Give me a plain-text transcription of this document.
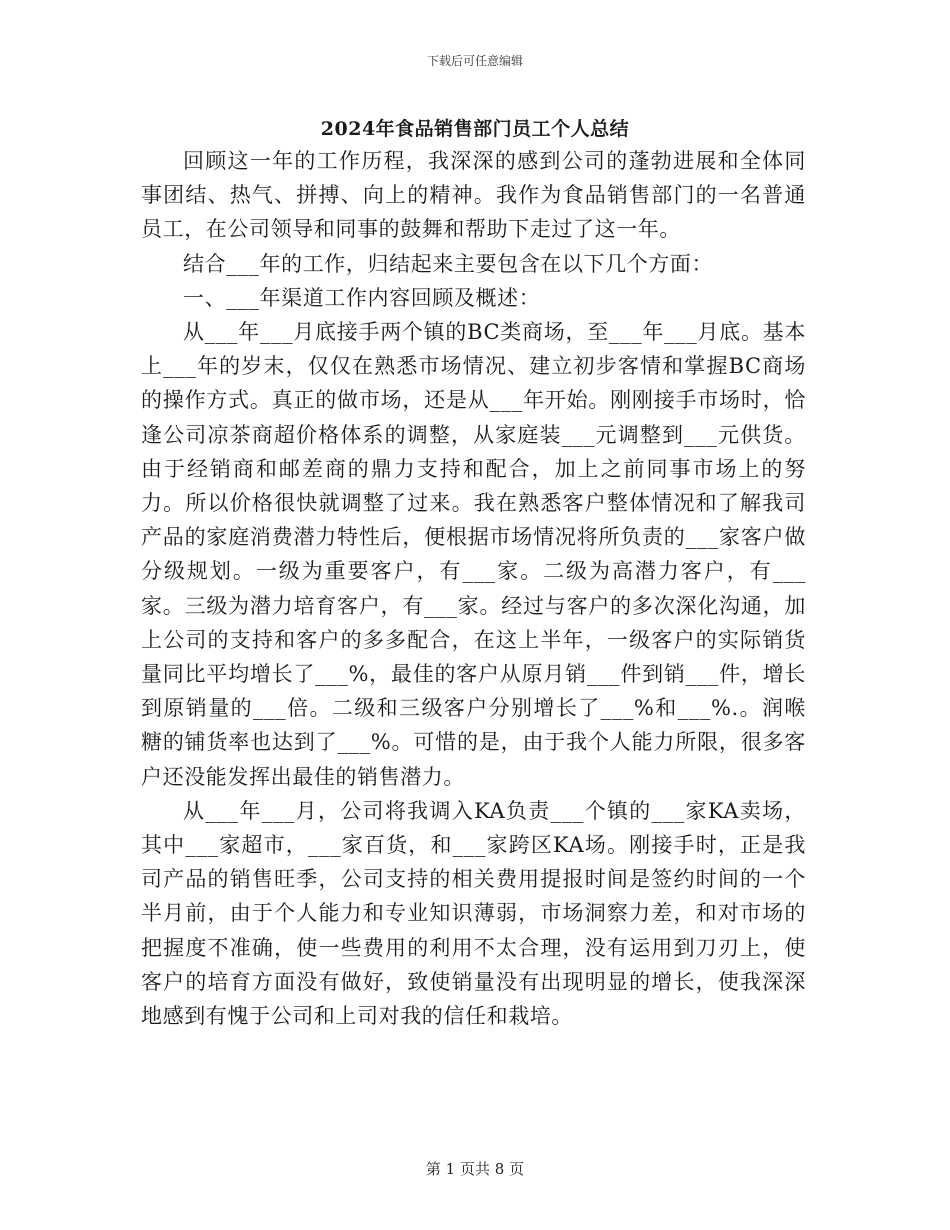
下载后可任意编辑
2024年食品销售部门员工个人总结

回顾这一年的工作历程，我深深的感到公司的蓬勃进展和全体同事团结、热气、拼搏、向上的精神。我作为食品销售部门的一名普通员工，在公司领导和同事的鼓舞和帮助下走过了这一年。

结合___年的工作，归结起来主要包含在以下几个方面：

一、___年渠道工作内容回顾及概述：

从___年___月底接手两个镇的BC类商场，至___年___月底。基本上___年的岁末，仅仅在熟悉市场情况、建立初步客情和掌握BC商场的操作方式。真正的做市场，还是从___年开始。刚刚接手市场时，恰逢公司凉茶商超价格体系的调整，从家庭装___元调整到___元供货。由于经销商和邮差商的鼎力支持和配合，加上之前同事市场上的努力。所以价格很快就调整了过来。我在熟悉客户整体情况和了解我司产品的家庭消费潜力特性后，便根据市场情况将所负责的___家客户做分级规划。一级为重要客户，有___家。二级为高潜力客户，有___家。三级为潜力培育客户，有___家。经过与客户的多次深化沟通，加上公司的支持和客户的多多配合，在这上半年，一级客户的实际销货量同比平均增长了___%，最佳的客户从原月销___件到销___件，增长到原销量的___倍。二级和三级客户分别增长了___%和___%.。润喉糖的铺货率也达到了___%。可惜的是，由于我个人能力所限，很多客户还没能发挥出最佳的销售潜力。

从___年___月，公司将我调入KA负责___个镇的___家KA卖场，其中___家超市，___家百货，和___家跨区KA场。刚接手时，正是我司产品的销售旺季，公司支持的相关费用提报时间是签约时间的一个半月前，由于个人能力和专业知识薄弱，市场洞察力差，和对市场的把握度不准确，使一些费用的利用不太合理，没有运用到刀刃上，使客户的培育方面没有做好，致使销量没有出现明显的增长，使我深深地感到有愧于公司和上司对我的信任和栽培。

第 1 页共 8 页
